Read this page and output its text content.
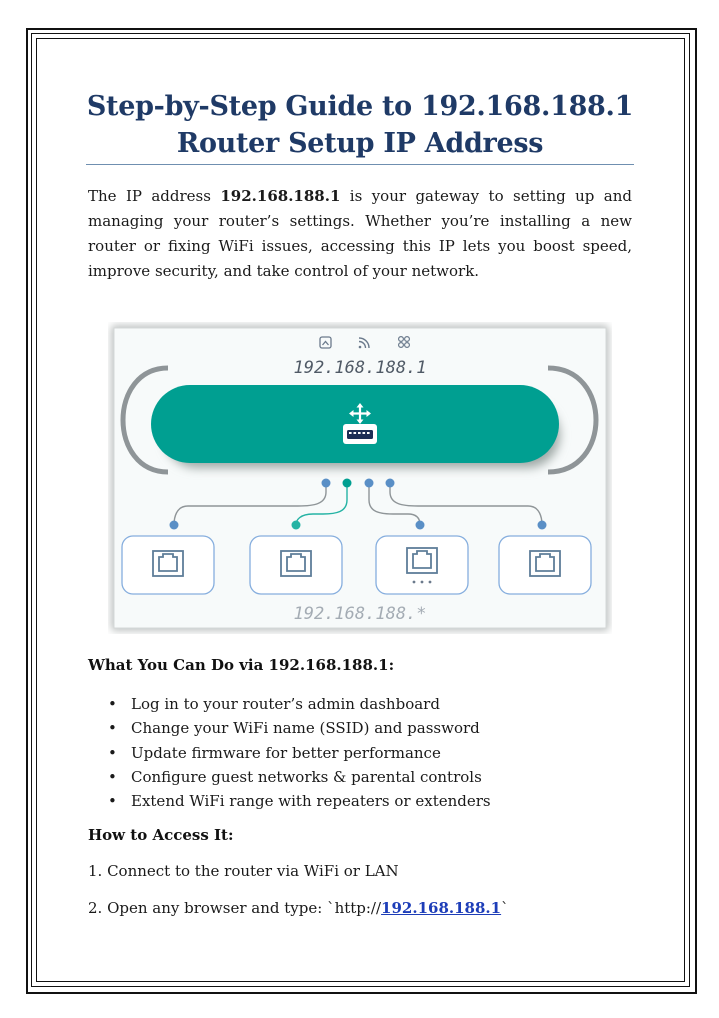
Step-by-Step Guide to 192.168.188.1
Router Setup IP Address

The IP address 192.168.188.1 is your gateway to setting up and managing your router’s settings. Whether you’re installing a new router or fixing WiFi issues, accessing this IP lets you boost speed, improve security, and take control of your network.

192.168.188.1
192.168.188.*
What You Can Do via 192.168.188.1:
• Log in to your router’s admin dashboard
• Change your WiFi name (SSID) and password
• Update firmware for better performance
• Configure guest networks & parental controls
• Extend WiFi range with repeaters or extenders
How to Access It:
1. Connect to the router via WiFi or LAN
2. Open any browser and type: `http://192.168.188.1`
